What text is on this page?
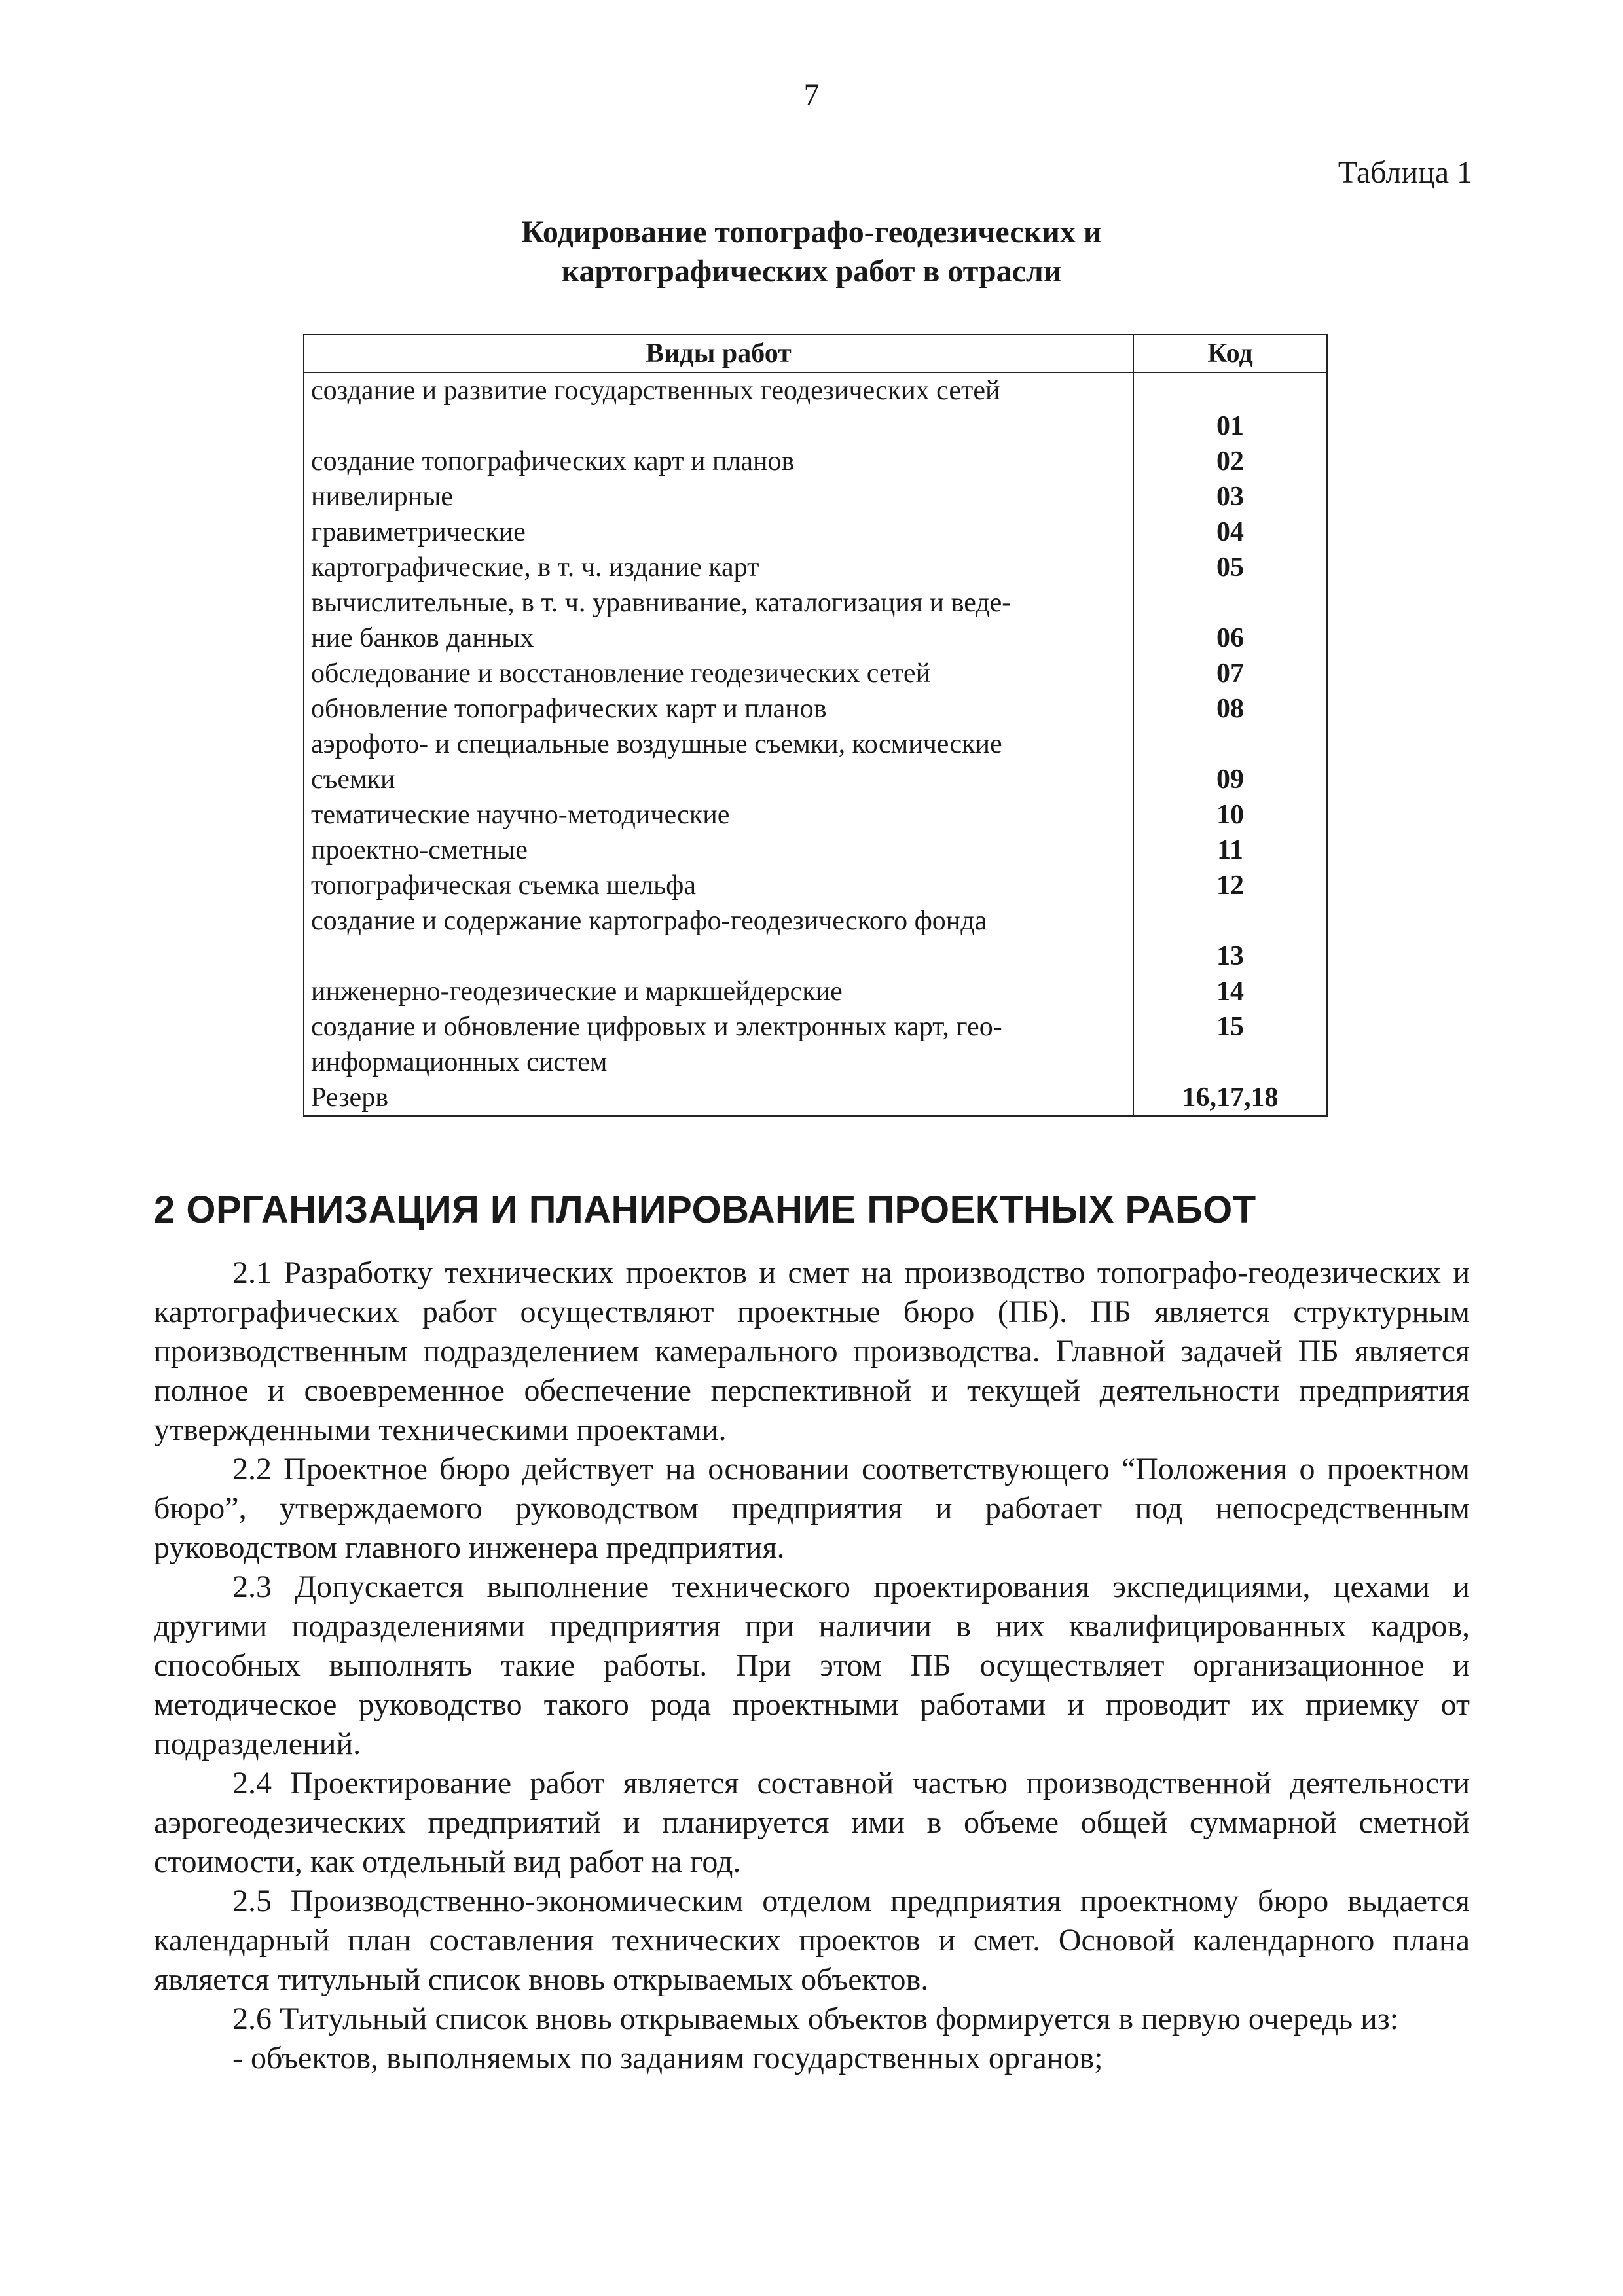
7
Таблица 1
Кодирование топографо-геодезических и
картографических работ в отрасли
Виды работ	Код
создание и развитие государственных геодезических сетей	
	01
создание топографических карт и планов	02
нивелирные	03
гравиметрические	04
картографические, в т. ч. издание карт	05
вычислительные, в т. ч. уравнивание, каталогизация и веде-	
ние банков данных	06
обследование и восстановление геодезических сетей	07
обновление топографических карт и планов	08
аэрофото- и специальные воздушные съемки, космические	
съемки	09
тематические научно-методические	10
проектно-сметные	11
топографическая съемка шельфа	12
создание и содержание картографо-геодезического фонда	
	13
инженерно-геодезические и маркшейдерские	14
создание и обновление цифровых и электронных карт, гео-	15
информационных систем	
Резерв	16,17,18
2 ОРГАНИЗАЦИЯ И ПЛАНИРОВАНИЕ ПРОЕКТНЫХ РАБОТ

2.1 Разработку технических проектов и смет на производство топографо-геодезических и картографических работ осуществляют проектные бюро (ПБ). ПБ является структурным производственным подразделением камерального производства. Главной задачей ПБ является полное и своевременное обеспечение перспективной и текущей деятельности предприятия утвержденными техническими проектами.

2.2 Проектное бюро действует на основании соответствующего “Положения о проектном бюро”, утверждаемого руководством предприятия и работает под непосредственным руководством главного инженера предприятия.

2.3 Допускается выполнение технического проектирования экспедициями, цехами и другими подразделениями предприятия при наличии в них квалифицированных кадров, способных выполнять такие работы. При этом ПБ осуществляет организационное и методическое руководство такого рода проектными работами и проводит их приемку от подразделений.

2.4 Проектирование работ является составной частью производственной деятельности аэрогеодезических предприятий и планируется ими в объеме общей суммарной сметной стоимости, как отдельный вид работ на год.

2.5 Производственно-экономическим отделом предприятия проектному бюро выдается календарный план составления технических проектов и смет. Основой календарного плана является титульный список вновь открываемых объектов.

2.6 Титульный список вновь открываемых объектов формируется в первую очередь из:

- объектов, выполняемых по заданиям государственных органов;
